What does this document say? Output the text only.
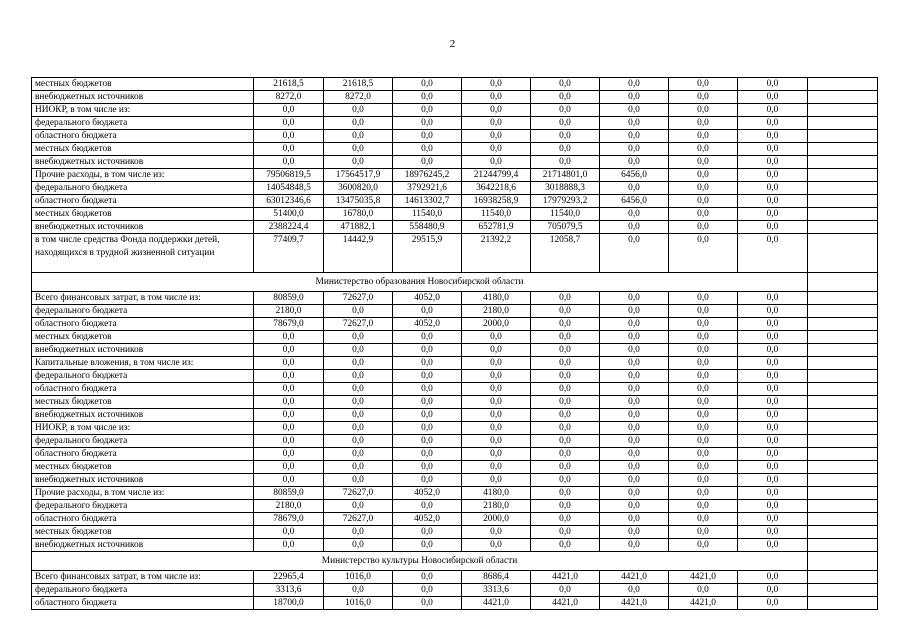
2
местных бюджетов	21618,5	21618,5	0,0	0,0	0,0	0,0	0,0	0,0	
внебюджетных источников	8272,0	8272,0	0,0	0,0	0,0	0,0	0,0	0,0	
НИОКР, в том числе из:	0,0	0,0	0,0	0,0	0,0	0,0	0,0	0,0	
федерального бюджета	0,0	0,0	0,0	0,0	0,0	0,0	0,0	0,0	
областного бюджета	0,0	0,0	0,0	0,0	0,0	0,0	0,0	0,0	
местных бюджетов	0,0	0,0	0,0	0,0	0,0	0,0	0,0	0,0	
внебюджетных источников	0,0	0,0	0,0	0,0	0,0	0,0	0,0	0,0	
Прочие расходы, в том числе из:	79506819,5	17564517,9	18976245,2	21244799,4	21714801,0	6456,0	0,0	0,0	
федерального бюджета	14054848,5	3600820,0	3792921,6	3642218,6	3018888,3	0,0	0,0	0,0	
областного бюджета	63012346,6	13475035,8	14613302,7	16938258,9	17979293,2	6456,0	0,0	0,0	
местных бюджетов	51400,0	16780,0	11540,0	11540,0	11540,0	0,0	0,0	0,0	
внебюджетных источников	2388224,4	471882,1	558480,9	652781,9	705079,5	0,0	0,0	0,0	
в том числе средства Фонда поддержки детей, находящихся в трудной жизненной ситуации	77409,7	14442,9	29515,9	21392,2	12058,7	0,0	0,0	0,0	
Министерство образования Новосибирской области									
Всего финансовых затрат, в том числе из:	80859,0	72627,0	4052,0	4180,0	0,0	0,0	0,0	0,0	
федерального бюджета	2180,0	0,0	0,0	2180,0	0,0	0,0	0,0	0,0	
областного бюджета	78679,0	72627,0	4052,0	2000,0	0,0	0,0	0,0	0,0	
местных бюджетов	0,0	0,0	0,0	0,0	0,0	0,0	0,0	0,0	
внебюджетных источников	0,0	0,0	0,0	0,0	0,0	0,0	0,0	0,0	
Капитальные вложения, в том числе из:	0,0	0,0	0,0	0,0	0,0	0,0	0,0	0,0	
федерального бюджета	0,0	0,0	0,0	0,0	0,0	0,0	0,0	0,0	
областного бюджета	0,0	0,0	0,0	0,0	0,0	0,0	0,0	0,0	
местных бюджетов	0,0	0,0	0,0	0,0	0,0	0,0	0,0	0,0	
внебюджетных источников	0,0	0,0	0,0	0,0	0,0	0,0	0,0	0,0	
НИОКР, в том числе из:	0,0	0,0	0,0	0,0	0,0	0,0	0,0	0,0	
федерального бюджета	0,0	0,0	0,0	0,0	0,0	0,0	0,0	0,0	
областного бюджета	0,0	0,0	0,0	0,0	0,0	0,0	0,0	0,0	
местных бюджетов	0,0	0,0	0,0	0,0	0,0	0,0	0,0	0,0	
внебюджетных источников	0,0	0,0	0,0	0,0	0,0	0,0	0,0	0,0	
Прочие расходы, в том числе из:	80859,0	72627,0	4052,0	4180,0	0,0	0,0	0,0	0,0	
федерального бюджета	2180,0	0,0	0,0	2180,0	0,0	0,0	0,0	0,0	
областного бюджета	78679,0	72627,0	4052,0	2000,0	0,0	0,0	0,0	0,0	
местных бюджетов	0,0	0,0	0,0	0,0	0,0	0,0	0,0	0,0	
внебюджетных источников	0,0	0,0	0,0	0,0	0,0	0,0	0,0	0,0	
Министерство культуры Новосибирской области									
Всего финансовых затрат, в том числе из:	22965,4	1016,0	0,0	8686,4	4421,0	4421,0	4421,0	0,0	
федерального бюджета	3313,6	0,0	0,0	3313,6	0,0	0,0	0,0	0,0	
областного бюджета	18700,0	1016,0	0,0	4421,0	4421,0	4421,0	4421,0	0,0	
